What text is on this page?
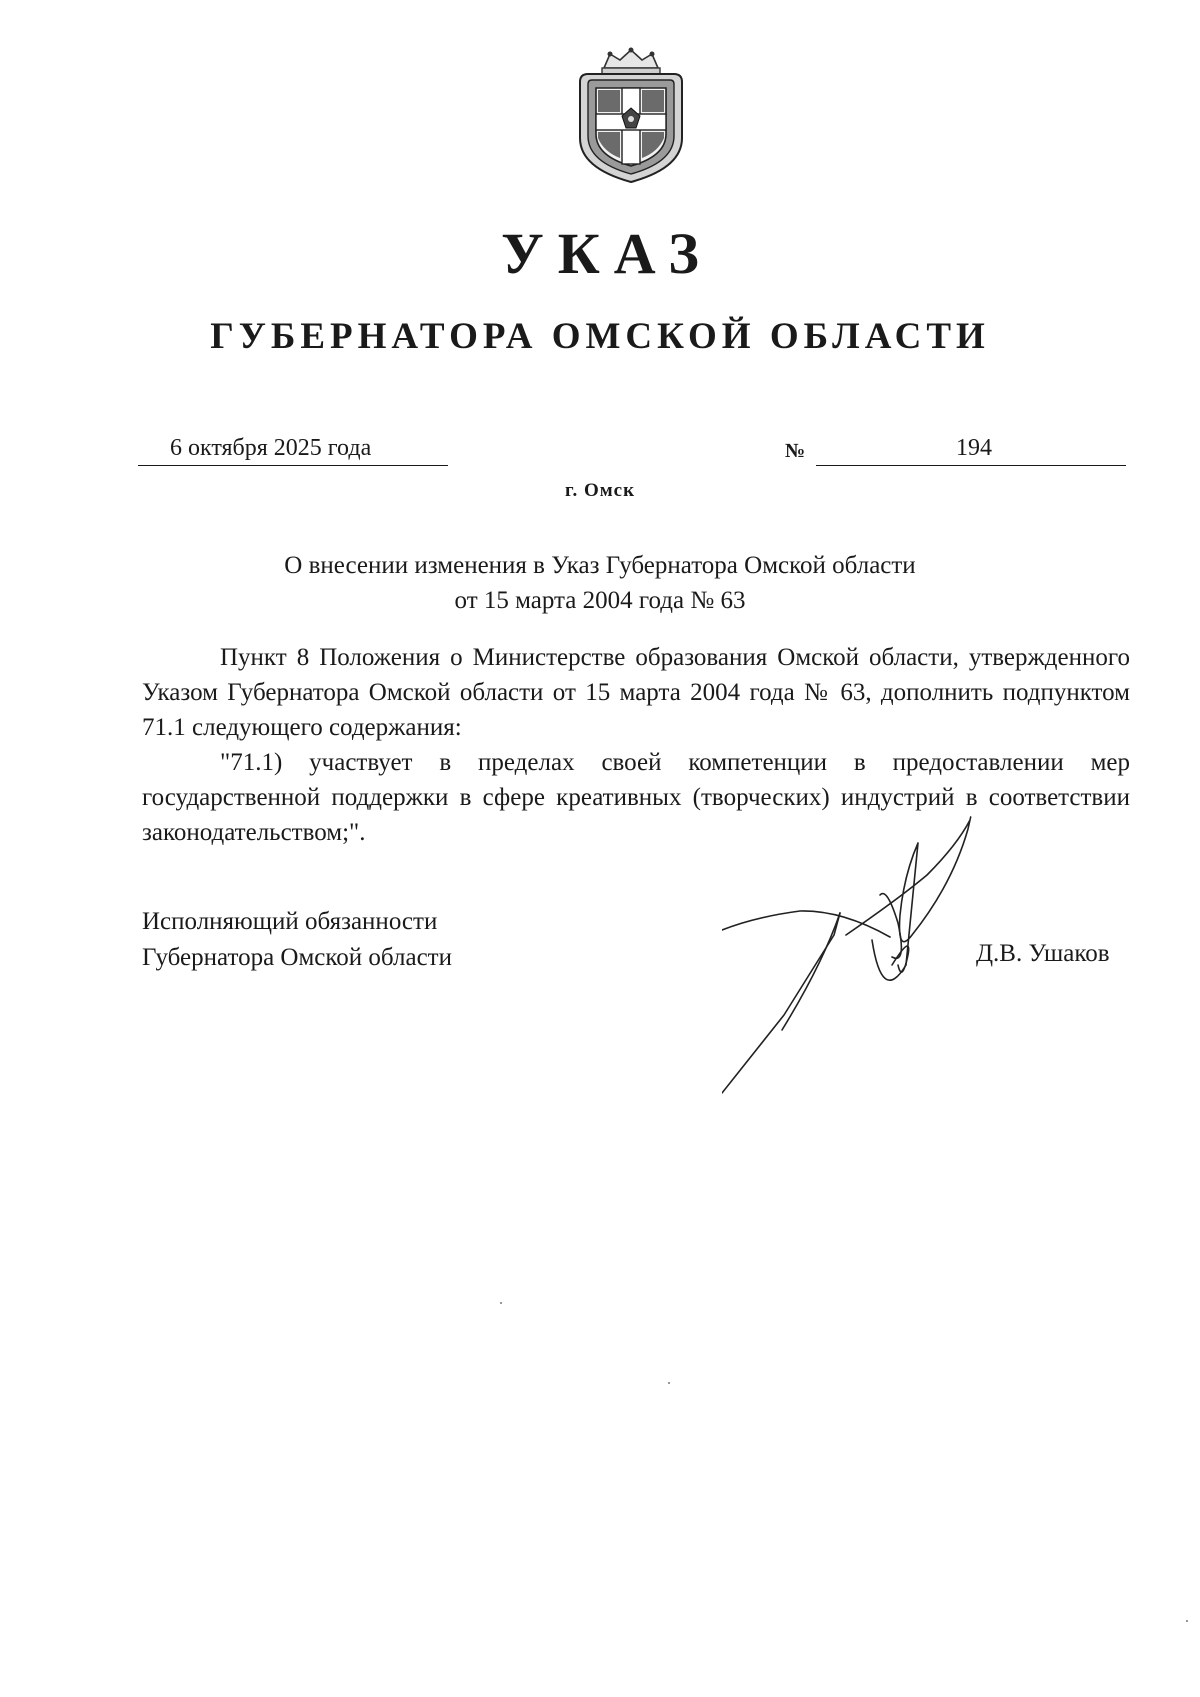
УКАЗ
ГУБЕРНАТОРА ОМСКОЙ ОБЛАСТИ
6 октября 2025 года	№	194
г. Омск
О внесении изменения в Указ Губернатора Омской области
от 15 марта 2004 года № 63

Пункт 8 Положения о Министерстве образования Омской области, утвержденного Указом Губернатора Омской области от 15 марта 2004 года № 63, дополнить подпунктом 71.1 следующего содержания:

"71.1) участвует в пределах своей компетенции в предоставлении мер государственной поддержки в сфере креативных (творческих) индустрий в соответствии законодательством;".

Исполняющий обязанности
Губернатора Омской области	Д.В. Ушаков
